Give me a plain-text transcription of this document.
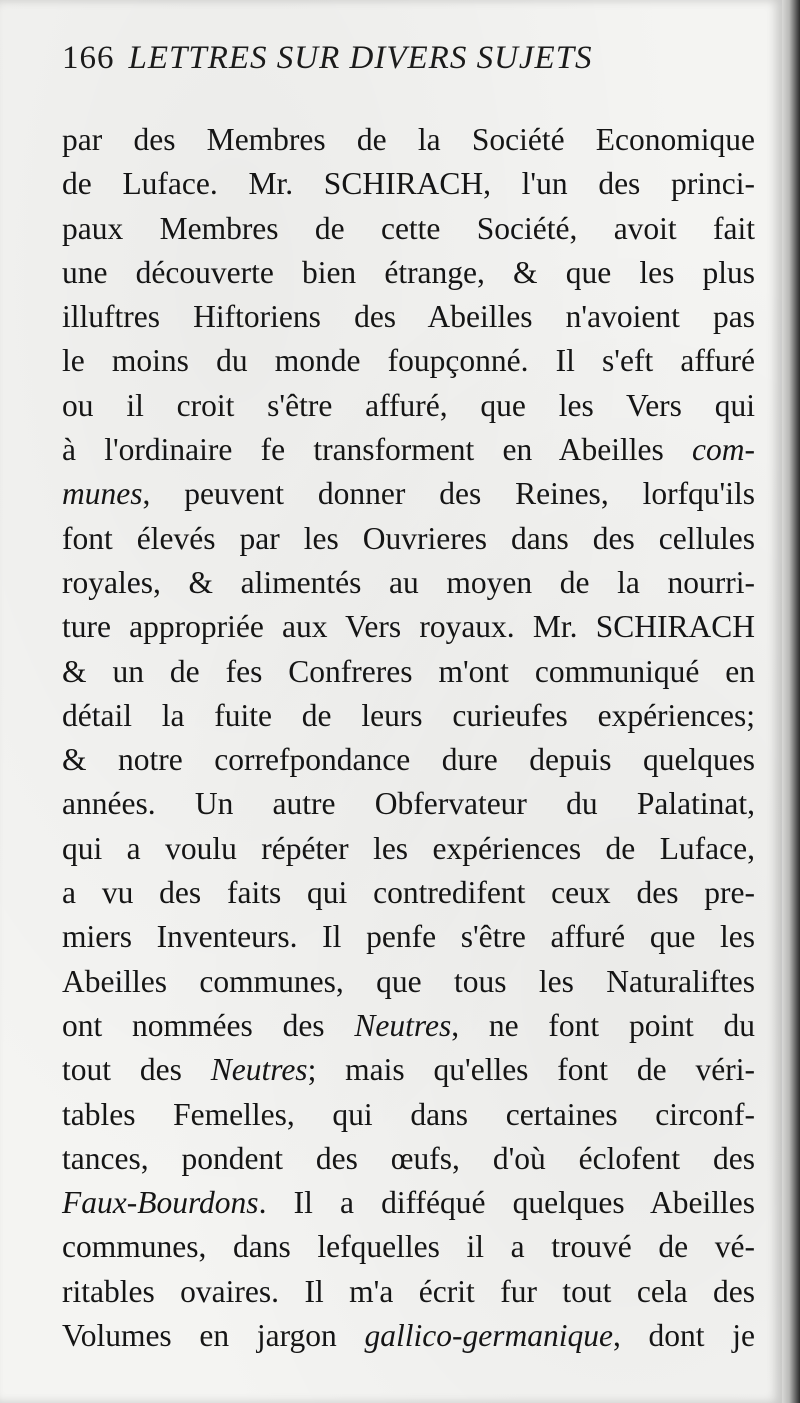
166 LETTRES SUR DIVERS SUJETS
par des Membres de la Société Economique
de Luface. Mr. SCHIRACH, l'un des princi-
paux Membres de cette Société, avoit fait
une découverte bien étrange, & que les plus
illuftres Hiftoriens des Abeilles n'avoient pas
le moins du monde foupçonné. Il s'eft affuré
ou il croit s'être affuré, que les Vers qui
à l'ordinaire fe transforment en Abeilles com-
munes, peuvent donner des Reines, lorfqu'ils
font élevés par les Ouvrieres dans des cellules
royales, & alimentés au moyen de la nourri-
ture appropriée aux Vers royaux. Mr. SCHIRACH
& un de fes Confreres m'ont communiqué en
détail la fuite de leurs curieufes expériences;
& notre correfpondance dure depuis quelques
années. Un autre Obfervateur du Palatinat,
qui a voulu répéter les expériences de Luface,
a vu des faits qui contredifent ceux des pre-
miers Inventeurs. Il penfe s'être affuré que les
Abeilles communes, que tous les Naturaliftes
ont nommées des Neutres, ne font point du
tout des Neutres; mais qu'elles font de véri-
tables Femelles, qui dans certaines circonf-
tances, pondent des œufs, d'où éclofent des
Faux-Bourdons. Il a difféqué quelques Abeilles
communes, dans lefquelles il a trouvé de vé-
ritables ovaires. Il m'a écrit fur tout cela des
Volumes en jargon gallico-germanique, dont je
